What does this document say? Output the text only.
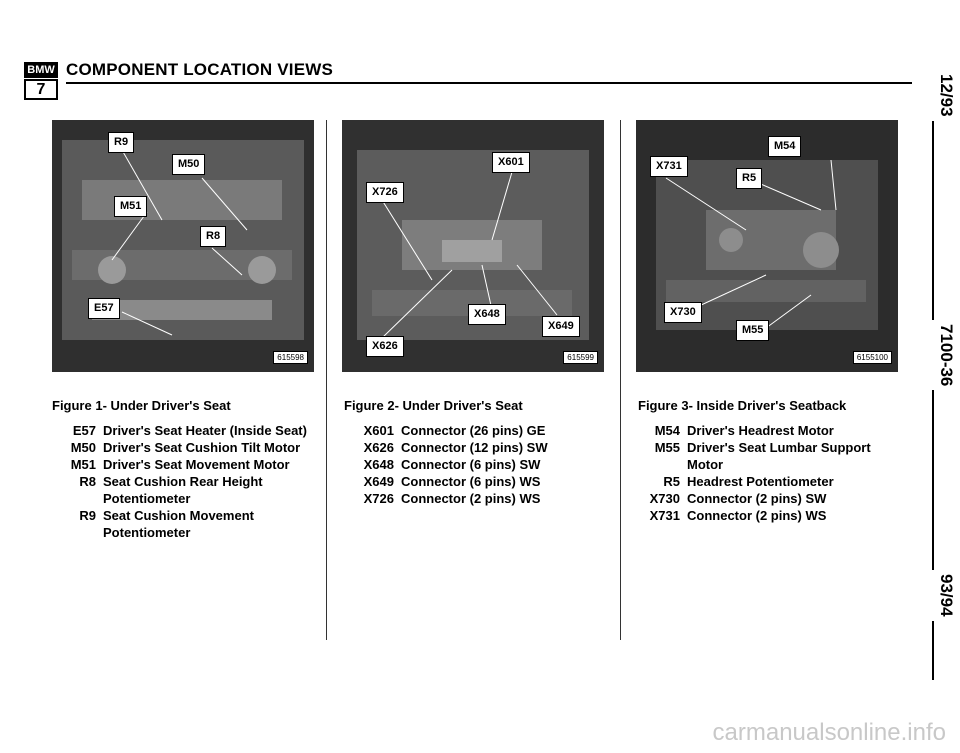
BMW
7
COMPONENT LOCATION VIEWS
12/93
7100-36
93/94
R9
M50
M51
R8
E57
615598
X601
X726
X648
X649
X626
615599
M54
X731
R5
X730
M55
6155100
Figure 1- Under Driver's Seat	Figure 2- Under Driver's Seat	Figure 3- Inside Driver's Seatback
E57 Driver's Seat Heater (Inside Seat)
M50 Driver's Seat Cushion Tilt Motor
M51 Driver's Seat Movement Motor
R8 Seat Cushion Rear Height Potentiometer
R9 Seat Cushion Movement Potentiometer
X601 Connector (26 pins) GE
X626 Connector (12 pins) SW
X648 Connector (6 pins) SW
X649 Connector (6 pins) WS
X726 Connector (2 pins) WS
M54 Driver's Headrest Motor
M55 Driver's Seat Lumbar Support Motor
R5 Headrest Potentiometer
X730 Connector (2 pins) SW
X731 Connector (2 pins) WS
carmanualsonline.info
